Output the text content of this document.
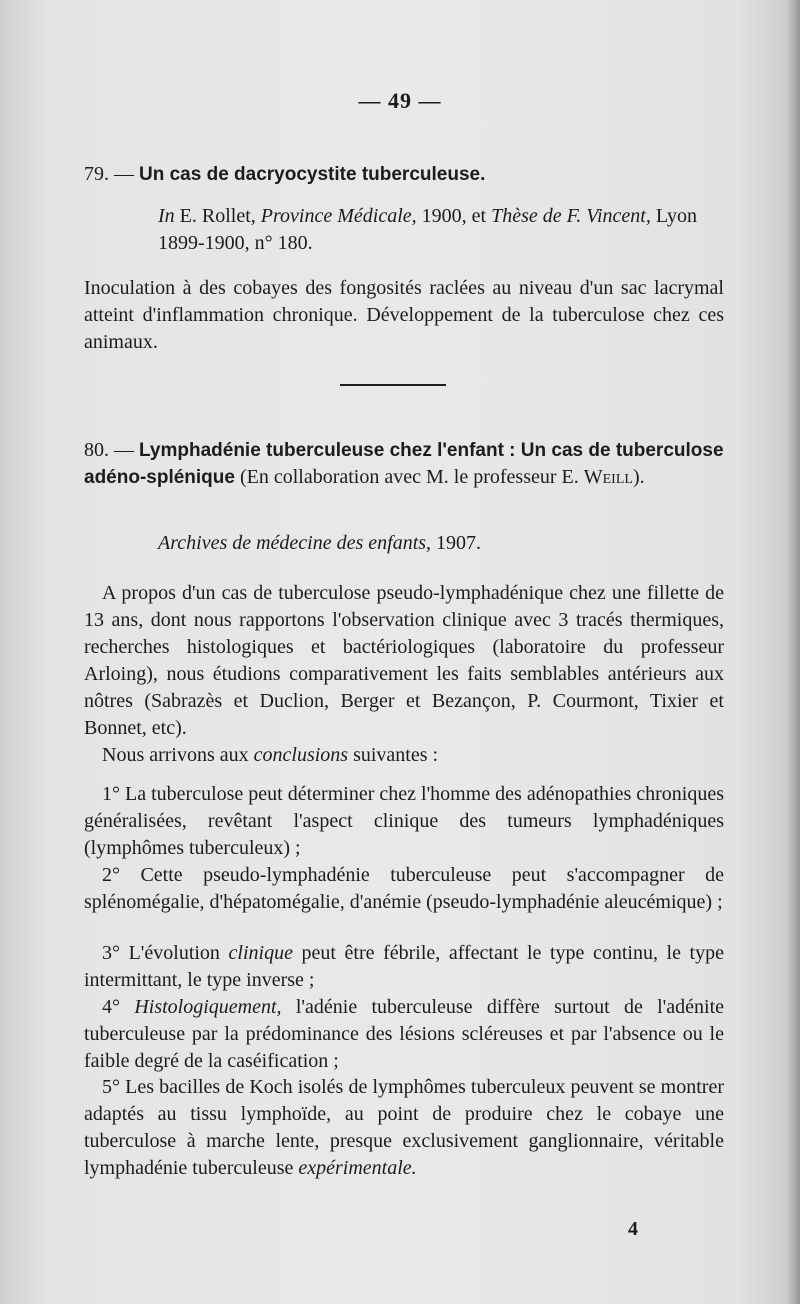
— 49 —
79. — Un cas de dacryocystite tuberculeuse.
In E. Rollet, Province Médicale, 1900, et Thèse de F. Vincent, Lyon 1899-1900, n° 180.
Inoculation à des cobayes des fongosités raclées au niveau d'un sac lacrymal atteint d'inflammation chronique. Développement de la tuberculose chez ces animaux.
80. — Lymphadénie tuberculeuse chez l'enfant : Un cas de tuberculose adéno-splénique (En collaboration avec M. le professeur E. Weill).
Archives de médecine des enfants, 1907.
A propos d'un cas de tuberculose pseudo-lymphadénique chez une fillette de 13 ans, dont nous rapportons l'observation clinique avec 3 tracés thermiques, recherches histologiques et bactériologiques (laboratoire du professeur Arloing), nous étudions comparativement les faits semblables antérieurs aux nôtres (Sabrazès et Duclion, Berger et Bezançon, P. Courmont, Tixier et Bonnet, etc).
Nous arrivons aux conclusions suivantes :
1° La tuberculose peut déterminer chez l'homme des adénopathies chroniques généralisées, revêtant l'aspect clinique des tumeurs lymphadéniques (lymphômes tuberculeux) ;
2° Cette pseudo-lymphadénie tuberculeuse peut s'accompagner de splénomégalie, d'hépatomégalie, d'anémie (pseudo-lymphadénie aleucémique) ;
3° L'évolution clinique peut être fébrile, affectant le type continu, le type intermittant, le type inverse ;
4° Histologiquement, l'adénie tuberculeuse diffère surtout de l'adénite tuberculeuse par la prédominance des lésions scléreuses et par l'absence ou le faible degré de la caséification ;
5° Les bacilles de Koch isolés de lymphômes tuberculeux peuvent se montrer adaptés au tissu lymphoïde, au point de produire chez le cobaye une tuberculose à marche lente, presque exclusivement ganglionnaire, véritable lymphadénie tuberculeuse expérimentale.
4
